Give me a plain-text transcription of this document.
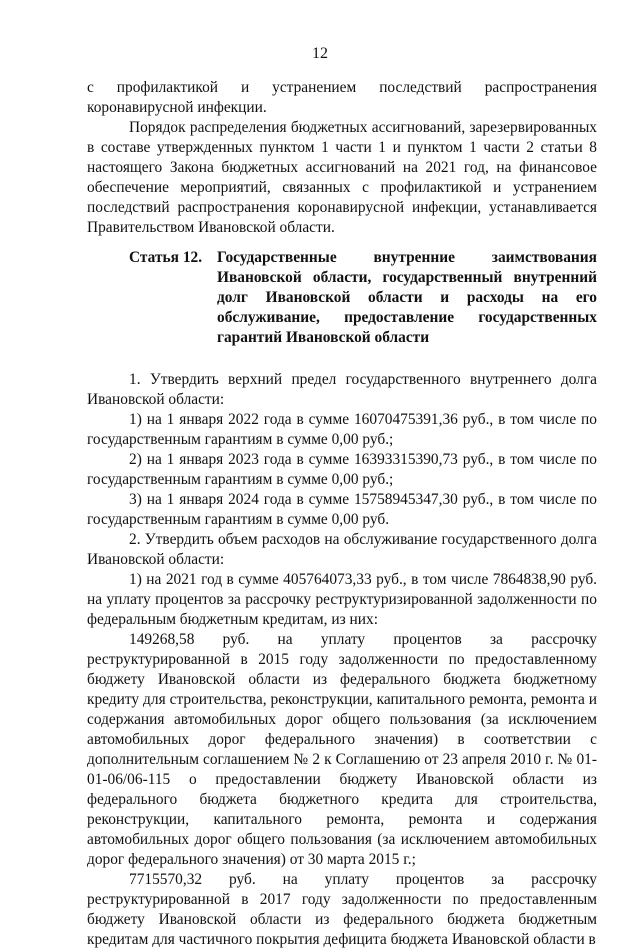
12

с профилактикой и устранением последствий распространения коронавирусной инфекции.

Порядок распределения бюджетных ассигнований, зарезервированных в составе утвержденных пунктом 1 части 1 и пунктом 1 части 2 статьи 8 настоящего Закона бюджетных ассигнований на 2021 год, на финансовое обеспечение мероприятий, связанных с профилактикой и устранением последствий распространения коронавирусной инфекции, устанавливается Правительством Ивановской области.

Статья 12. Государственные внутренние заимствования Ивановской области, государственный внутренний долг Ивановской области и расходы на его обслуживание, предоставление государственных гарантий Ивановской области

1. Утвердить верхний предел государственного внутреннего долга Ивановской области:

1) на 1 января 2022 года в сумме 16070475391,36 руб., в том числе по государственным гарантиям в сумме 0,00 руб.;

2) на 1 января 2023 года в сумме 16393315390,73 руб., в том числе по государственным гарантиям в сумме 0,00 руб.;

3) на 1 января 2024 года в сумме 15758945347,30 руб., в том числе по государственным гарантиям в сумме 0,00 руб.

2. Утвердить объем расходов на обслуживание государственного долга Ивановской области:

1) на 2021 год в сумме 405764073,33 руб., в том числе 7864838,90 руб. на уплату процентов за рассрочку реструктуризированной задолженности по федеральным бюджетным кредитам, из них:

149268,58 руб. на уплату процентов за рассрочку реструктурированной в 2015 году задолженности по предоставленному бюджету Ивановской области из федерального бюджета бюджетному кредиту для строительства, реконструкции, капитального ремонта, ремонта и содержания автомобильных дорог общего пользования (за исключением автомобильных дорог федерального значения) в соответствии с дополнительным соглашением № 2 к Соглашению от 23 апреля 2010 г. № 01-01-06/06-115 о предоставлении бюджету Ивановской области из федерального бюджета бюджетного кредита для строительства, реконструкции, капитального ремонта, ремонта и содержания автомобильных дорог общего пользования (за исключением автомобильных дорог федерального значения) от 30 марта 2015 г.;

7715570,32 руб. на уплату процентов за рассрочку реструктурированной в 2017 году задолженности по предоставленным бюджету Ивановской области из федерального бюджета бюджетным кредитам для частичного покрытия дефицита бюджета Ивановской области в
